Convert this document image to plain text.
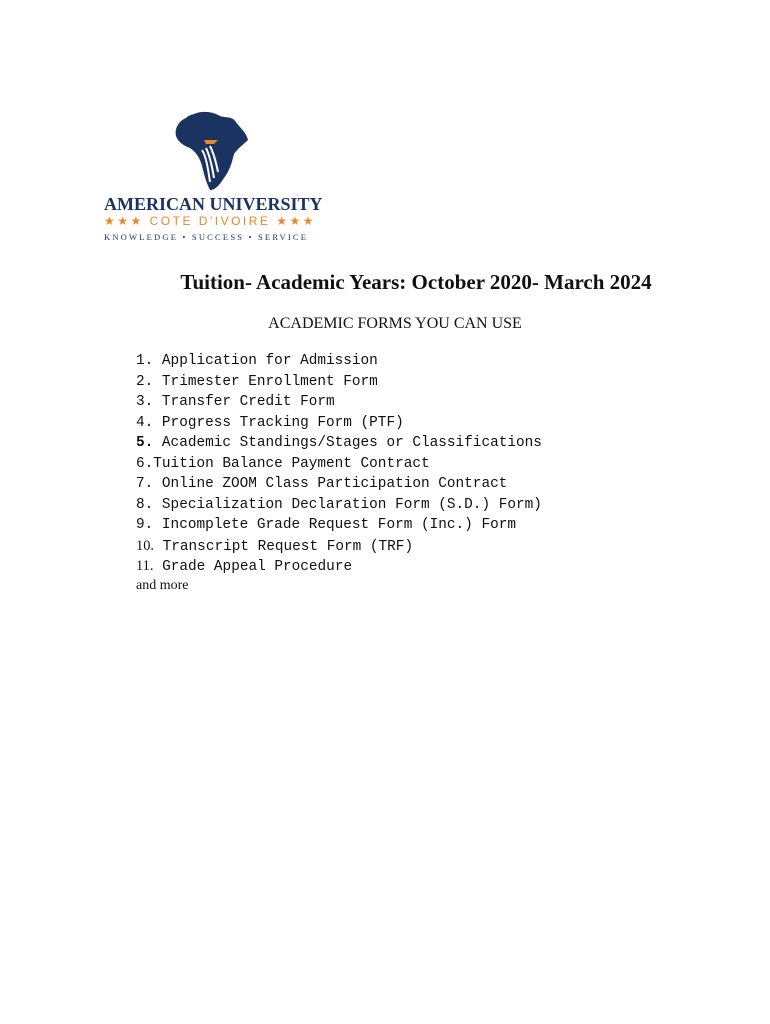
AMERICAN UNIVERSITY
★★★ COTE D'IVOIRE ★★★
KNOWLEDGE • SUCCESS • SERVICE
Tuition- Academic Years: October 2020- March 2024
ACADEMIC FORMS YOU CAN USE
1. Application for Admission
2. Trimester Enrollment Form
3. Transfer Credit Form
4. Progress Tracking Form (PTF)
5. Academic Standings/Stages or Classifications
6.Tuition Balance Payment Contract
7. Online ZOOM Class Participation Contract
8. Specialization Declaration Form (S.D.) Form)
9. Incomplete Grade Request Form (Inc.) Form
10. Transcript Request Form (TRF)
11. Grade Appeal Procedure
and more
